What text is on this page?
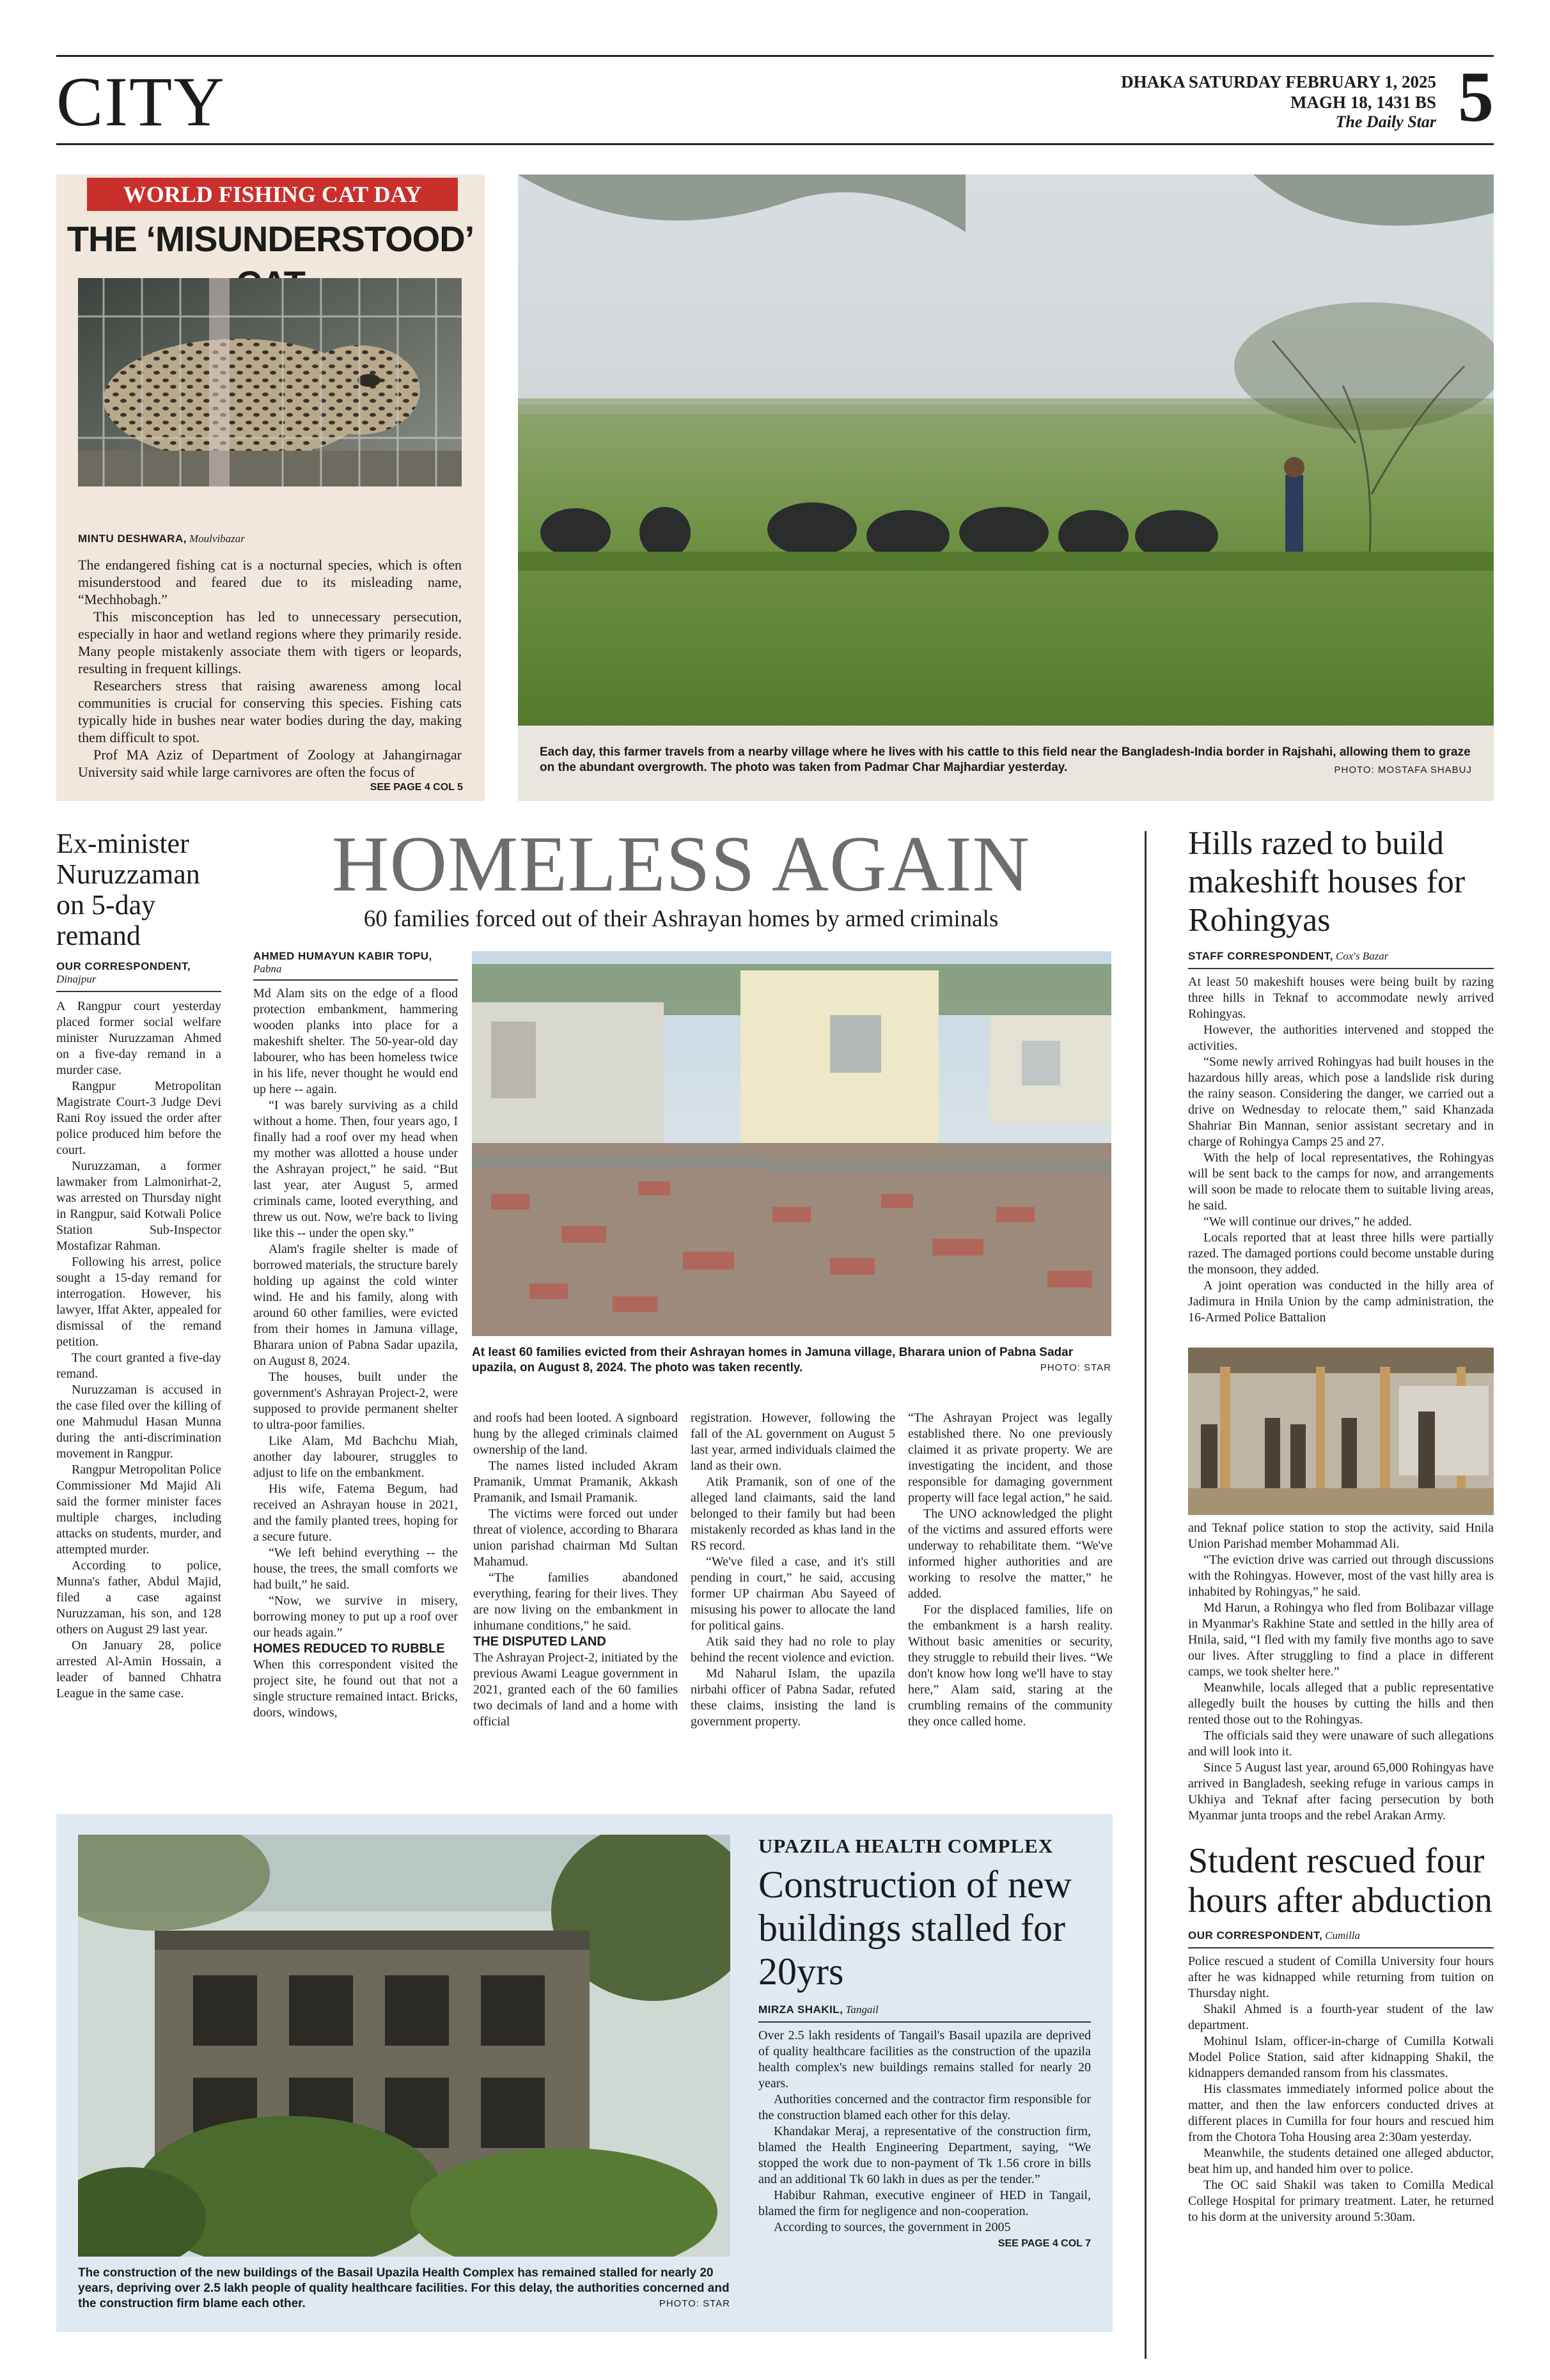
CITY	DHAKA SATURDAY FEBRUARY 1, 2025
MAGH 18, 1431 BS
The Daily Star 5
WORLD FISHING CAT DAY
THE ‘MISUNDERSTOOD’
MINTU DESHWARA, Moulvibazar

The endangered fishing cat is a nocturnal species, which is often misunderstood and feared due to its misleading name, “Mechhobagh.”

This misconception has led to unnecessary persecution, especially in haor and wetland regions where they primarily reside. Many people mistakenly associate them with tigers or leopards, resulting in frequent killings.

Researchers stress that raising awareness among local communities is crucial for conserving this species. Fishing cats typically hide in bushes near water bodies during the day, making them difficult to spot.

Prof MA Aziz of Department of Zoology at Jahangirnagar University said while large carnivores are often the focus of

SEE PAGE 4 COL 5
Each day, this farmer travels from a nearby village where he lives with his cattle to this field near the Bangladesh-India border in Rajshahi, allowing them to graze on the abundant overgrowth. The photo was taken from Padmar Char Majhardiar yesterday.	PHOTO: MOSTAFA SHABUJ
Ex-minister Nuruzzaman on 5-day remand
OUR CORRESPONDENT,
Dinajpur

A Rangpur court yesterday placed former social welfare minister Nuruzzaman Ahmed on a five-day remand in a murder case.

Rangpur Metropolitan Magistrate Court-3 Judge Devi Rani Roy issued the order after police produced him before the court.

Nuruzzaman, a former lawmaker from Lalmonirhat-2, was arrested on Thursday night in Rangpur, said Kotwali Police Station Sub-Inspector Mostafizar Rahman.

Following his arrest, police sought a 15-day remand for interrogation. However, his lawyer, Iffat Akter, appealed for dismissal of the remand petition.

The court granted a five-day remand.

Nuruzzaman is accused in the case filed over the killing of one Mahmudul Hasan Munna during the anti-discrimination movement in Rangpur.

Rangpur Metropolitan Police Commissioner Md Majid Ali said the former minister faces multiple charges, including attacks on students, murder, and attempted murder.

According to police, Munna's father, Abdul Majid, filed a case against Nuruzzaman, his son, and 128 others on August 29 last year.

On January 28, police arrested Al-Amin Hossain, a leader of banned Chhatra League in the same case.

HOMELESS AGAIN
60 families forced out of their Ashrayan homes by armed criminals
AHMED HUMAYUN KABIR TOPU,
Pabna

Md Alam sits on the edge of a flood protection embankment, hammering wooden planks into place for a makeshift shelter. The 50-year-old day labourer, who has been homeless twice in his life, never thought he would end up here -- again.

“I was barely surviving as a child without a home. Then, four years ago, I finally had a roof over my head when my mother was allotted a house under the Ashrayan project,” he said. “But last year, ater August 5, armed criminals came, looted everything, and threw us out. Now, we're back to living like this -- under the open sky.”

Alam's fragile shelter is made of borrowed materials, the structure barely holding up against the cold winter wind. He and his family, along with around 60 other families, were evicted from their homes in Jamuna village, Bharara union of Pabna Sadar upazila, on August 8, 2024.

The houses, built under the government's Ashrayan Project-2, were supposed to provide permanent shelter to ultra-poor families.

Like Alam, Md Bachchu Miah, another day labourer, struggles to adjust to life on the embankment.

His wife, Fatema Begum, had received an Ashrayan house in 2021, and the family planted trees, hoping for a secure future.

“We left behind everything -- the house, the trees, the small comforts we had built,” he said.

“Now, we survive in misery, borrowing money to put up a roof over our heads again.”

HOMES REDUCED TO RUBBLE

When this correspondent visited the project site, he found out that not a single structure remained intact. Bricks, doors, windows,

At least 60 families evicted from their Ashrayan homes in Jamuna village, Bharara union of Pabna Sadar upazila, on August 8, 2024. The photo was taken recently.	PHOTO: STAR

and roofs had been looted. A signboard hung by the alleged criminals claimed ownership of the land.

The names listed included Akram Pramanik, Ummat Pramanik, Akkash Pramanik, and Ismail Pramanik.

The victims were forced out under threat of violence, according to Bharara union parishad chairman Md Sultan Mahamud.

“The families abandoned everything, fearing for their lives. They are now living on the embankment in inhumane conditions,” he said.

THE DISPUTED LAND

The Ashrayan Project-2, initiated by the previous Awami League government in 2021, granted each of the 60 families two decimals of land and a home with official

registration. However, following the fall of the AL government on August 5 last year, armed individuals claimed the land as their own.

Atik Pramanik, son of one of the alleged land claimants, said the land belonged to their family but had been mistakenly recorded as khas land in the RS record.

“We've filed a case, and it's still pending in court,” he said, accusing former UP chairman Abu Sayeed of misusing his power to allocate the land for political gains.

Atik said they had no role to play behind the recent violence and eviction.

Md Naharul Islam, the upazila nirbahi officer of Pabna Sadar, refuted these claims, insisting the land is government property.

“The Ashrayan Project was legally established there. No one previously claimed it as private property. We are investigating the incident, and those responsible for damaging government property will face legal action,” he said.

The UNO acknowledged the plight of the victims and assured efforts were underway to rehabilitate them. “We've informed higher authorities and are working to resolve the matter,” he added.

For the displaced families, life on the embankment is a harsh reality. Without basic amenities or security, they struggle to rebuild their lives. “We don't know how long we'll have to stay here,” Alam said, staring at the crumbling remains of the community they once called home.

Hills razed to build makeshift houses for Rohingyas
STAFF CORRESPONDENT, Cox's Bazar

At least 50 makeshift houses were being built by razing three hills in Teknaf to accommodate newly arrived Rohingyas.

However, the authorities intervened and stopped the activities.

“Some newly arrived Rohingyas had built houses in the hazardous hilly areas, which pose a landslide risk during the rainy season. Considering the danger, we carried out a drive on Wednesday to relocate them,” said Khanzada Shahriar Bin Mannan, senior assistant secretary and in charge of Rohingya Camps 25 and 27.

With the help of local representatives, the Rohingyas will be sent back to the camps for now, and arrangements will soon be made to relocate them to suitable living areas, he said.

“We will continue our drives,” he added.

Locals reported that at least three hills were partially razed. The damaged portions could become unstable during the monsoon, they added.

A joint operation was conducted in the hilly area of Jadimura in Hnila Union by the camp administration, the 16-Armed Police Battalion

and Teknaf police station to stop the activity, said Hnila Union Parishad member Mohammad Ali.

“The eviction drive was carried out through discussions with the Rohingyas. However, most of the vast hilly area is inhabited by Rohingyas,” he said.

Md Harun, a Rohingya who fled from Bolibazar village in Myanmar's Rakhine State and settled in the hilly area of Hnila, said, “I fled with my family five months ago to save our lives. After struggling to find a place in different camps, we took shelter here.”

Meanwhile, locals alleged that a public representative allegedly built the houses by cutting the hills and then rented those out to the Rohingyas.

The officials said they were unaware of such allegations and will look into it.

Since 5 August last year, around 65,000 Rohingyas have arrived in Bangladesh, seeking refuge in various camps in Ukhiya and Teknaf after facing persecution by both Myanmar junta troops and the rebel Arakan Army.

Student rescued four hours after abduction
OUR CORRESPONDENT, Cumilla

Police rescued a student of Comilla University four hours after he was kidnapped while returning from tuition on Thursday night.

Shakil Ahmed is a fourth-year student of the law department.

Mohinul Islam, officer-in-charge of Cumilla Kotwali Model Police Station, said after kidnapping Shakil, the kidnappers demanded ransom from his classmates.

His classmates immediately informed police about the matter, and then the law enforcers conducted drives at different places in Cumilla for four hours and rescued him from the Chotora Toha Housing area 2:30am yesterday.

Meanwhile, the students detained one alleged abductor, beat him up, and handed him over to police.

The OC said Shakil was taken to Comilla Medical College Hospital for primary treatment. Later, he returned to his dorm at the university around 5:30am.

The construction of the new buildings of the Basail Upazila Health Complex has remained stalled for nearly 20 years, depriving over 2.5 lakh people of quality healthcare facilities. For this delay, the authorities concerned and the construction firm blame each other.	PHOTO: STAR
UPAZILA HEALTH COMPLEX
Construction of new buildings stalled for 20yrs
MIRZA SHAKIL, Tangail

Over 2.5 lakh residents of Tangail's Basail upazila are deprived of quality healthcare facilities as the construction of the upazila health complex's new buildings remains stalled for nearly 20 years.

Authorities concerned and the contractor firm responsible for the construction blamed each other for this delay.

Khandakar Meraj, a representative of the construction firm, blamed the Health Engineering Department, saying, “We stopped the work due to non-payment of Tk 1.56 crore in bills and an additional Tk 60 lakh in dues as per the tender.”

Habibur Rahman, executive engineer of HED in Tangail, blamed the firm for negligence and non-cooperation.

According to sources, the government in 2005

SEE PAGE 4 COL 7
